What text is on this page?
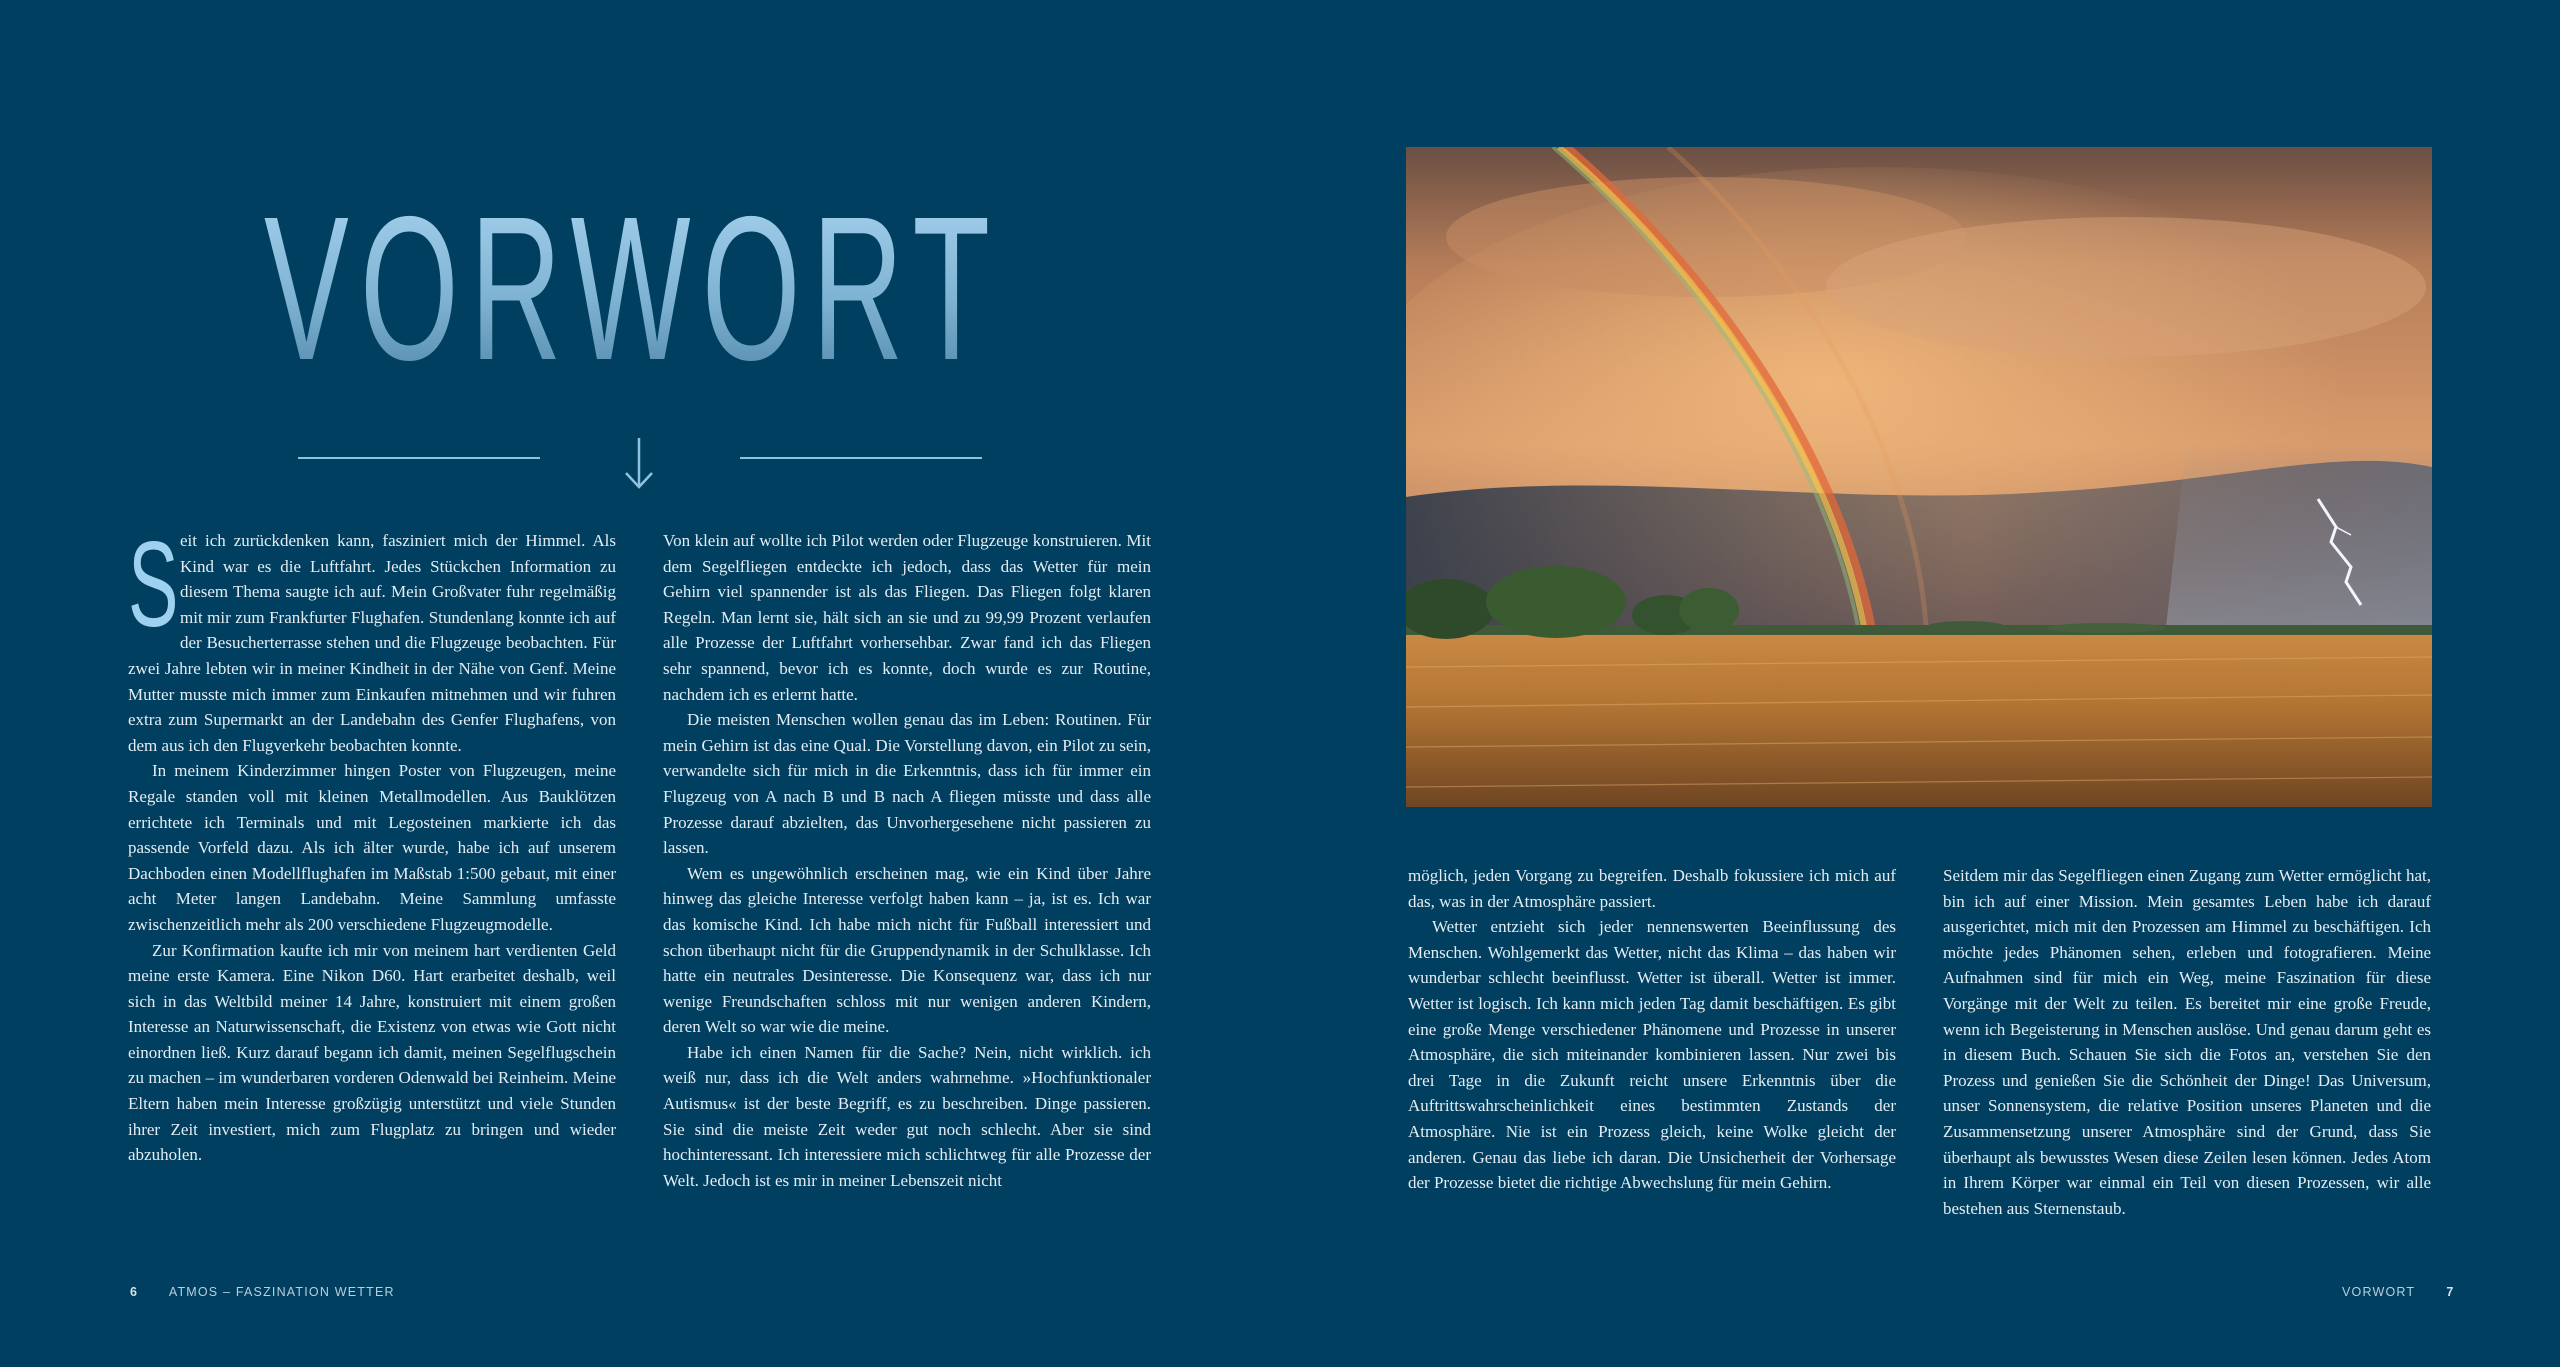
VORWORT

Seit ich zurückdenken kann, fasziniert mich der Himmel. Als Kind war es die Luftfahrt. Jedes Stückchen Information zu diesem Thema saugte ich auf. Mein Großvater fuhr regelmäßig mit mir zum Frankfurter Flughafen. Stundenlang konnte ich auf der Besucherterrasse stehen und die Flugzeuge beobachten. Für zwei Jahre lebten wir in meiner Kindheit in der Nähe von Genf. Meine Mutter musste mich immer zum Einkaufen mitnehmen und wir fuhren extra zum Supermarkt an der Landebahn des Genfer Flughafens, von dem aus ich den Flugverkehr beobachten konnte.

In meinem Kinderzimmer hingen Poster von Flugzeugen, meine Regale standen voll mit kleinen Metallmodellen. Aus Bauklötzen errichtete ich Terminals und mit Legosteinen markierte ich das passende Vorfeld dazu. Als ich älter wurde, habe ich auf unserem Dachboden einen Modellflughafen im Maßstab 1:500 gebaut, mit einer acht Meter langen Landebahn. Meine Sammlung umfasste zwischenzeitlich mehr als 200 verschiedene Flugzeugmodelle.

Zur Konfirmation kaufte ich mir von meinem hart verdienten Geld meine erste Kamera. Eine Nikon D60. Hart erarbeitet deshalb, weil sich in das Weltbild meiner 14 Jahre, konstruiert mit einem großen Interesse an Naturwissenschaft, die Existenz von etwas wie Gott nicht einordnen ließ. Kurz darauf begann ich damit, meinen Segelflugschein zu machen – im wunderbaren vorderen Odenwald bei Reinheim. Meine Eltern haben mein Interesse großzügig unterstützt und viele Stunden ihrer Zeit investiert, mich zum Flugplatz zu bringen und wieder abzuholen.

Von klein auf wollte ich Pilot werden oder Flugzeuge konstruieren. Mit dem Segelfliegen entdeckte ich jedoch, dass das Wetter für mein Gehirn viel spannender ist als das Fliegen. Das Fliegen folgt klaren Regeln. Man lernt sie, hält sich an sie und zu 99,99 Prozent verlaufen alle Prozesse der Luftfahrt vorhersehbar. Zwar fand ich das Fliegen sehr spannend, bevor ich es konnte, doch wurde es zur Routine, nachdem ich es erlernt hatte.

Die meisten Menschen wollen genau das im Leben: Routinen. Für mein Gehirn ist das eine Qual. Die Vorstellung davon, ein Pilot zu sein, verwandelte sich für mich in die Erkenntnis, dass ich für immer ein Flugzeug von A nach B und B nach A fliegen müsste und dass alle Prozesse darauf abzielten, das Unvorhergesehene nicht passieren zu lassen.

Wem es ungewöhnlich erscheinen mag, wie ein Kind über Jahre hinweg das gleiche Interesse verfolgt haben kann – ja, ist es. Ich war das komische Kind. Ich habe mich nicht für Fußball interessiert und schon überhaupt nicht für die Gruppendynamik in der Schulklasse. Ich hatte ein neutrales Desinteresse. Die Konsequenz war, dass ich nur wenige Freundschaften schloss mit nur wenigen anderen Kindern, deren Welt so war wie die meine.

Habe ich einen Namen für die Sache? Nein, nicht wirklich. ich weiß nur, dass ich die Welt anders wahrnehme. »Hochfunktionaler Autismus« ist der beste Begriff, es zu beschreiben. Dinge passieren. Sie sind die meiste Zeit weder gut noch schlecht. Aber sie sind hochinteressant. Ich interessiere mich schlichtweg für alle Prozesse der Welt. Jedoch ist es mir in meiner Lebenszeit nicht

möglich, jeden Vorgang zu begreifen. Deshalb fokussiere ich mich auf das, was in der Atmosphäre passiert.

Wetter entzieht sich jeder nennenswerten Beeinflussung des Menschen. Wohlgemerkt das Wetter, nicht das Klima – das haben wir wunderbar schlecht beeinflusst. Wetter ist überall. Wetter ist immer. Wetter ist logisch. Ich kann mich jeden Tag damit beschäftigen. Es gibt eine große Menge verschiedener Phänomene und Prozesse in unserer Atmosphäre, die sich miteinander kombinieren lassen. Nur zwei bis drei Tage in die Zukunft reicht unsere Erkenntnis über die Auftrittswahrscheinlichkeit eines bestimmten Zustands der Atmosphäre. Nie ist ein Prozess gleich, keine Wolke gleicht der anderen. Genau das liebe ich daran. Die Unsicherheit der Vorhersage der Prozesse bietet die richtige Abwechslung für mein Gehirn.

Seitdem mir das Segelfliegen einen Zugang zum Wetter ermöglicht hat, bin ich auf einer Mission. Mein gesamtes Leben habe ich darauf ausgerichtet, mich mit den Prozessen am Himmel zu beschäftigen. Ich möchte jedes Phänomen sehen, erleben und fotografieren. Meine Aufnahmen sind für mich ein Weg, meine Faszination für diese Vorgänge mit der Welt zu teilen. Es bereitet mir eine große Freude, wenn ich Begeisterung in Menschen auslöse. Und genau darum geht es in diesem Buch. Schauen Sie sich die Fotos an, verstehen Sie den Prozess und genießen Sie die Schönheit der Dinge! Das Universum, unser Sonnensystem, die relative Position unseres Planeten und die Zusammensetzung unserer Atmosphäre sind der Grund, dass Sie überhaupt als bewusstes Wesen diese Zeilen lesen können. Jedes Atom in Ihrem Körper war einmal ein Teil von diesen Prozessen, wir alle bestehen aus Sternenstaub.

6 ATMOS – FASZINATION WETTER	VORWORT	7
